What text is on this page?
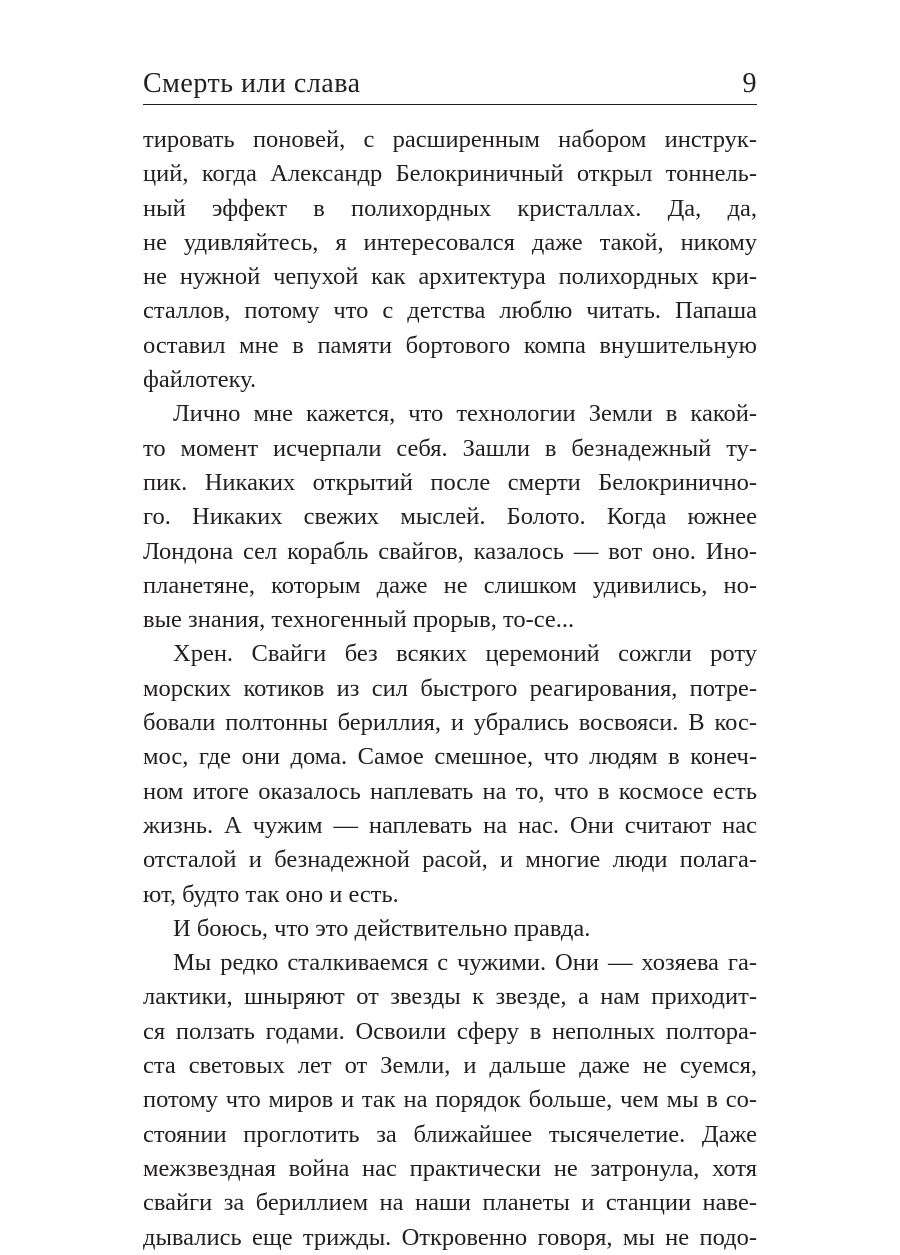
Смерть или слава	9
тировать поновей, с расширенным набором инструк-
ций, когда Александр Белокриничный открыл тоннель-
ный эффект в полихордных кристаллах. Да, да,
не удивляйтесь, я интересовался даже такой, никому
не нужной чепухой как архитектура полихордных кри-
сталлов, потому что с детства люблю читать. Папаша
оставил мне в памяти бортового компа внушительную
файлотеку.
Лично мне кажется, что технологии Земли в какой-
то момент исчерпали себя. Зашли в безнадежный ту-
пик. Никаких открытий после смерти Белокринично-
го. Никаких свежих мыслей. Болото. Когда южнее
Лондона сел корабль свайгов, казалось — вот оно. Ино-
планетяне, которым даже не слишком удивились, но-
вые знания, техногенный прорыв, то-се...
Хрен. Свайги без всяких церемоний сожгли роту
морских котиков из сил быстрого реагирования, потре-
бовали полтонны бериллия, и убрались восвояси. В кос-
мос, где они дома. Самое смешное, что людям в конеч-
ном итоге оказалось наплевать на то, что в космосе есть
жизнь. А чужим — наплевать на нас. Они считают нас
отсталой и безнадежной расой, и многие люди полага-
ют, будто так оно и есть.
И боюсь, что это действительно правда.
Мы редко сталкиваемся с чужими. Они — хозяева га-
лактики, шныряют от звезды к звезде, а нам приходит-
ся ползать годами. Освоили сферу в неполных полтора-
ста световых лет от Земли, и дальше даже не суемся,
потому что миров и так на порядок больше, чем мы в со-
стоянии проглотить за ближайшее тысячелетие. Даже
межзвездная война нас практически не затронула, хотя
свайги за бериллием на наши планеты и станции наве-
дывались еще трижды. Откровенно говоря, мы не подо-
